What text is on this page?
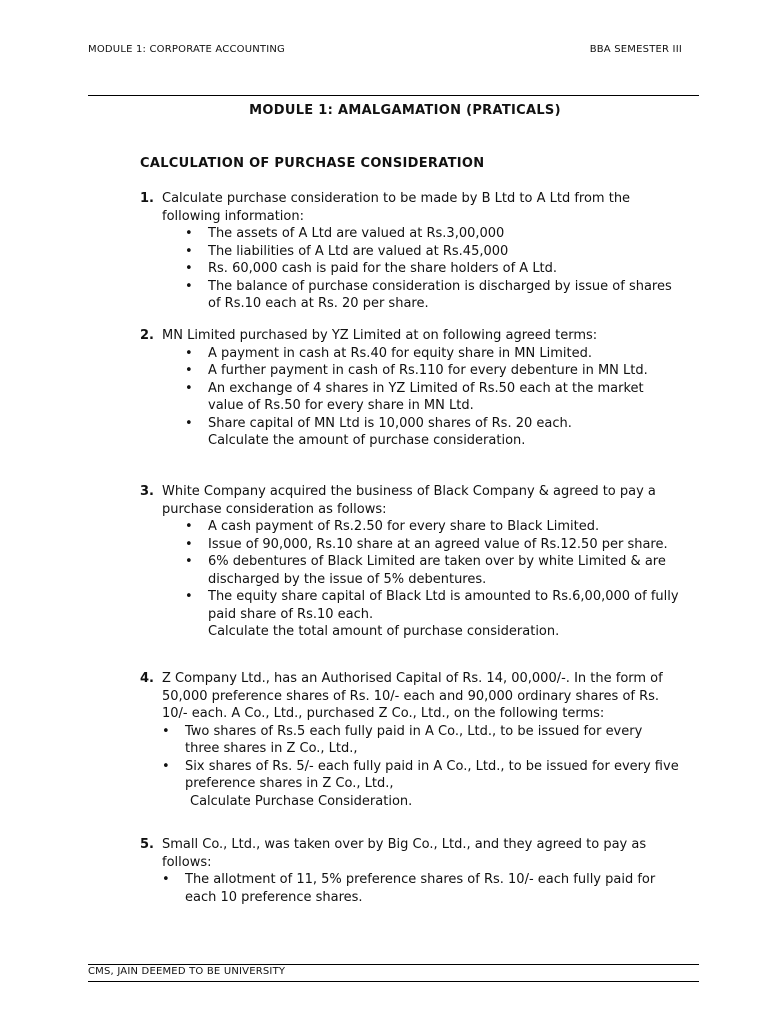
MODULE 1: CORPORATE ACCOUNTING	BBA SEMESTER III
MODULE 1: AMALGAMATION (PRATICALS)
CALCULATION OF PURCHASE CONSIDERATION
1. Calculate purchase consideration to be made by B Ltd to A Ltd from the following information:
• The assets of A Ltd are valued at Rs.3,00,000
• The liabilities of A Ltd are valued at Rs.45,000
• Rs. 60,000 cash is paid for the share holders of A Ltd.
• The balance of purchase consideration is discharged by issue of shares of Rs.10 each at Rs. 20 per share.
2. MN Limited purchased by YZ Limited at on following agreed terms:
• A payment in cash at Rs.40 for equity share in MN Limited.
• A further payment in cash of Rs.110 for every debenture in MN Ltd.
• An exchange of 4 shares in YZ Limited of Rs.50 each at the market value of Rs.50 for every share in MN Ltd.
• Share capital of MN Ltd is 10,000 shares of Rs. 20 each.
Calculate the amount of purchase consideration.
3. White Company acquired the business of Black Company & agreed to pay a purchase consideration as follows:
• A cash payment of Rs.2.50 for every share to Black Limited.
• Issue of 90,000, Rs.10 share at an agreed value of Rs.12.50 per share.
• 6% debentures of Black Limited are taken over by white Limited & are discharged by the issue of 5% debentures.
• The equity share capital of Black Ltd is amounted to Rs.6,00,000 of fully paid share of Rs.10 each.
Calculate the total amount of purchase consideration.
4. Z Company Ltd., has an Authorised Capital of Rs. 14, 00,000/-. In the form of 50,000 preference shares of Rs. 10/- each and 90,000 ordinary shares of Rs. 10/- each. A Co., Ltd., purchased Z Co., Ltd., on the following terms:
• Two shares of Rs.5 each fully paid in A Co., Ltd., to be issued for every three shares in Z Co., Ltd.,
• Six shares of Rs. 5/- each fully paid in A Co., Ltd., to be issued for every five preference shares in Z Co., Ltd.,
Calculate Purchase Consideration.
5. Small Co., Ltd., was taken over by Big Co., Ltd., and they agreed to pay as follows:
• The allotment of 11, 5% preference shares of Rs. 10/- each fully paid for each 10 preference shares.
CMS, JAIN DEEMED TO BE UNIVERSITY
